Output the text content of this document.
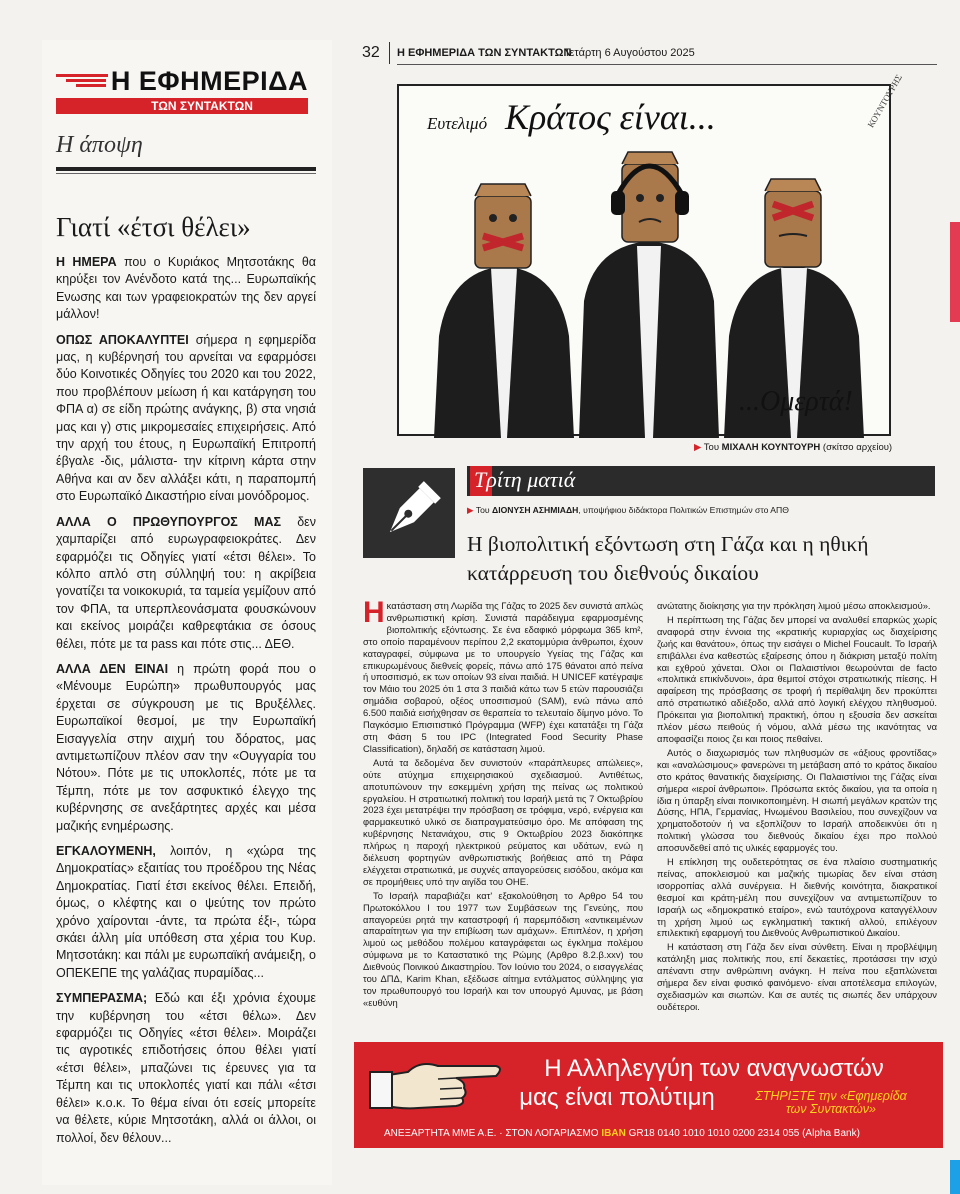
Η ΕΦΗΜΕΡΙΔΑ
ΤΩΝ ΣΥΝΤΑΚΤΩΝ
Η άποψη
Γιατί «έτσι θέλει»

Η ΗΜΕΡΑ που ο Κυριάκος Μητσοτάκης θα κηρύξει τον Ανένδοτο κατά της... Ευρωπαϊκής Ενωσης και των γραφειοκρατών της δεν αργεί μάλλον!

ΟΠΩΣ ΑΠΟΚΑΛΥΠΤΕΙ σήμερα η εφημερίδα μας, η κυβέρνησή του αρνείται να εφαρμόσει δύο Κοινοτικές Οδηγίες του 2020 και του 2022, που προβλέπουν μείωση ή και κατάργηση του ΦΠΑ α) σε είδη πρώτης ανάγκης, β) στα νησιά μας και γ) στις μικρομεσαίες επιχειρήσεις. Από την αρχή του έτους, η Ευρωπαϊκή Επιτροπή έβγαλε -δις, μάλιστα- την κίτρινη κάρτα στην Αθήνα και αν δεν αλλάξει κάτι, η παραπομπή στο Ευρωπαϊκό Δικαστήριο είναι μονόδρομος.

ΑΛΛΑ Ο ΠΡΩΘΥΠΟΥΡΓΟΣ ΜΑΣ δεν χαμπαρίζει από ευρωγραφειοκράτες. Δεν εφαρμόζει τις Οδηγίες γιατί «έτσι θέλει». Το κόλπο απλό στη σύλληψή του: η ακρίβεια γονατίζει τα νοικοκυριά, τα ταμεία γεμίζουν από τον ΦΠΑ, τα υπερπλεονάσματα φουσκώνουν και εκείνος μοιράζει καθρεφτάκια σε όσους θέλει, πότε με τα pass και πότε στις... ΔΕΘ.

ΑΛΛΑ ΔΕΝ ΕΙΝΑΙ η πρώτη φορά που ο «Μένουμε Ευρώπη» πρωθυπουργός μας έρχεται σε σύγκρουση με τις Βρυξέλλες. Ευρωπαϊκοί θεσμοί, με την Ευρωπαϊκή Εισαγγελία στην αιχμή του δόρατος, μας αντιμετωπίζουν πλέον σαν την «Ουγγαρία του Νότου». Πότε με τις υποκλοπές, πότε με τα Τέμπη, πότε με τον ασφυκτικό έλεγχο της κυβέρνησης σε ανεξάρτητες αρχές και μέσα μαζικής ενημέρωσης.

ΕΓΚΑΛΟΥΜΕΝΗ, λοιπόν, η «χώρα της Δημοκρατίας» εξαιτίας του προέδρου της Νέας Δημοκρατίας. Γιατί έτσι εκείνος θέλει. Επειδή, όμως, ο κλέφτης και ο ψεύτης τον πρώτο χρόνο χαίρονται -άντε, τα πρώτα έξι-, τώρα σκάει άλλη μία υπόθεση στα χέρια του Κυρ. Μητσοτάκη: και πάλι με ευρωπαϊκή ανάμειξη, ο ΟΠΕΚΕΠΕ της γαλάζιας πυραμίδας...

ΣΥΜΠΕΡΑΣΜΑ; Εδώ και έξι χρόνια έχουμε την κυβέρνηση του «έτσι θέλω». Δεν εφαρμόζει τις Οδηγίες «έτσι θέλει». Μοιράζει τις αγροτικές επιδοτήσεις όπου θέλει γιατί «έτσι θέλει», μπαζώνει τις έρευνες για τα Τέμπη και τις υποκλοπές γιατί και πάλι «έτσι θέλει» κ.ο.κ. Το θέμα είναι ότι εσείς μπορείτε να θέλετε, κύριε Μητσοτάκη, αλλά οι άλλοι, οι πολλοί, δεν θέλουν...

32 Η ΕΦΗΜΕΡΙΔΑ ΤΩΝ ΣΥΝΤΑΚΤΩΝ
Τετάρτη 6 Αυγούστου 2025
Ευτελιμό Κράτος είναι...	ΚΟΥΝΤΟΥΡΗΣ
...Ομερτά!
▶ Του ΜΙΧΑΛΗ ΚΟΥΝΤΟΥΡΗ (σκίτσο αρχείου)
Τρίτη ματιά
▶ Του ΔΙΟΝΥΣΗ ΑΣΗΜΙΑΔΗ, υποψήφιου διδάκτορα Πολιτικών Επιστημών στο ΑΠΘ
Η βιοπολιτική εξόντωση στη Γάζα και η ηθική κατάρρευση του διεθνούς δικαίου

Η κατάσταση στη Λωρίδα της Γάζας το 2025 δεν συνιστά απλώς ανθρωπιστική κρίση. Συνιστά παράδειγμα εφαρμοσμένης βιοπολιτικής εξόντωσης. Σε ένα εδαφικό μόρφωμα 365 km², στο οποίο παραμένουν περίπου 2,2 εκατομμύρια άνθρωποι, έχουν καταγραφεί, σύμφωνα με το υπουργείο Υγείας της Γάζας και επικυρωμένους διεθνείς φορείς, πάνω από 175 θάνατοι από πείνα ή υποσιτισμό, εκ των οποίων 93 είναι παιδιά. Η UNICEF κατέγραψε τον Μάιο του 2025 ότι 1 στα 3 παιδιά κάτω των 5 ετών παρουσιάζει σημάδια σοβαρού, οξέος υποσιτισμού (SAM), ενώ πάνω από 6.500 παιδιά εισήχθησαν σε θεραπεία το τελευταίο δίμηνο μόνο. Το Παγκόσμιο Επισιτιστικό Πρόγραμμα (WFP) έχει κατατάξει τη Γάζα στη Φάση 5 του IPC (Integrated Food Security Phase Classification), δηλαδή σε κατάσταση λιμού.

Αυτά τα δεδομένα δεν συνιστούν «παράπλευρες απώλειες», ούτε ατύχημα επιχειρησιακού σχεδιασμού. Αντιθέτως, αποτυπώνουν την εσκεμμένη χρήση της πείνας ως πολιτικού εργαλείου. Η στρατιωτική πολιτική του Ισραήλ μετά τις 7 Οκτωβρίου 2023 έχει μετατρέψει την πρόσβαση σε τρόφιμα, νερό, ενέργεια και φαρμακευτικό υλικό σε διαπραγματεύσιμο όρο. Με απόφαση της κυβέρνησης Νετανιάχου, στις 9 Οκτωβρίου 2023 διακόπηκε πλήρως η παροχή ηλεκτρικού ρεύματος και υδάτων, ενώ η διέλευση φορτηγών ανθρωπιστικής βοήθειας από τη Ράφα ελέγχεται στρατιωτικά, με συχνές απαγορεύσεις εισόδου, ακόμα και σε προμήθειες υπό την αιγίδα του ΟΗΕ.

Το Ισραήλ παραβιάζει κατ' εξακολούθηση το Αρθρο 54 του Πρωτοκόλλου Ι του 1977 των Συμβάσεων της Γενεύης, που απαγορεύει ρητά την καταστροφή ή παρεμπόδιση «αντικειμένων απαραίτητων για την επιβίωση των αμάχων». Επιπλέον, η χρήση λιμού ως μεθόδου πολέμου καταγράφεται ως έγκλημα πολέμου σύμφωνα με το Καταστατικό της Ρώμης (Αρθρο 8.2.β.xxv) του Διεθνούς Ποινικού Δικαστηρίου. Τον Ιούνιο του 2024, ο εισαγγελέας του ΔΠΔ, Karim Khan, εξέδωσε αίτημα εντάλματος σύλληψης για τον πρωθυπουργό του Ισραήλ και τον υπουργό Αμυνας, με βάση «ευθύνη

ανώτατης διοίκησης για την πρόκληση λιμού μέσω αποκλεισμού».

Η περίπτωση της Γάζας δεν μπορεί να αναλυθεί επαρκώς χωρίς αναφορά στην έννοια της «κρατικής κυριαρχίας ως διαχείρισης ζωής και θανάτου», όπως την εισάγει ο Michel Foucault. Το Ισραήλ επιβάλλει ένα καθεστώς εξαίρεσης όπου η διάκριση μεταξύ πολίτη και εχθρού χάνεται. Ολοι οι Παλαιστίνιοι θεωρούνται de facto «πολιτικά επικίνδυνοι», άρα θεμιτοί στόχοι στρατιωτικής πίεσης. Η αφαίρεση της πρόσβασης σε τροφή ή περίθαλψη δεν προκύπτει από στρατιωτικό αδιέξοδο, αλλά από λογική ελέγχου πληθυσμού. Πρόκειται για βιοπολιτική πρακτική, όπου η εξουσία δεν ασκείται πλέον μέσω πειθούς ή νόμου, αλλά μέσω της ικανότητας να αποφασίζει ποιος ζει και ποιος πεθαίνει.

Αυτός ο διαχωρισμός των πληθυσμών σε «άξιους φροντίδας» και «αναλώσιμους» φανερώνει τη μετάβαση από το κράτος δικαίου στο κράτος θανατικής διαχείρισης. Οι Παλαιστίνιοι της Γάζας είναι σήμερα «ιεροί άνθρωποι». Πρόσωπα εκτός δικαίου, για τα οποία η ίδια η ύπαρξη είναι ποινικοποιημένη. Η σιωπή μεγάλων κρατών της Δύσης, ΗΠΑ, Γερμανίας, Ηνωμένου Βασιλείου, που συνεχίζουν να χρηματοδοτούν ή να εξοπλίζουν το Ισραήλ αποδεικνύει ότι η πολιτική γλώσσα του διεθνούς δικαίου έχει προ πολλού αποσυνδεθεί από τις υλικές εφαρμογές του.

Η επίκληση της ουδετερότητας σε ένα πλαίσιο συστηματικής πείνας, αποκλεισμού και μαζικής τιμωρίας δεν είναι στάση ισορροπίας αλλά συνέργεια. Η διεθνής κοινότητα, διακρατικοί θεσμοί και κράτη-μέλη που συνεχίζουν να αντιμετωπίζουν το Ισραήλ ως «δημοκρατικό εταίρο», ενώ ταυτόχρονα καταγγέλλουν τη χρήση λιμού ως εγκληματική τακτική αλλού, επιλέγουν επιλεκτική εφαρμογή του Διεθνούς Ανθρωπιστικού Δικαίου.

Η κατάσταση στη Γάζα δεν είναι σύνθετη. Είναι η προβλέψιμη κατάληξη μιας πολιτικής που, επί δεκαετίες, προτάσσει την ισχύ απέναντι στην ανθρώπινη ανάγκη. Η πείνα που εξαπλώνεται σήμερα δεν είναι φυσικό φαινόμενο· είναι αποτέλεσμα επιλογών, σχεδιασμών και σιωπών. Και σε αυτές τις σιωπές δεν υπάρχουν ουδέτεροι.

Η Αλληλεγγύη των αναγνωστών
μας είναι πολύτιμη	ΣΤΗΡΙΞΤΕ την «Εφημερίδα
των Συντακτών»
ΑΝΕΞΑΡΤΗΤΑ ΜΜΕ Α.Ε. · ΣΤΟΝ ΛΟΓΑΡΙΑΣΜΟ IBAN GR18 0140 1010 1010 0200 2314 055 (Alpha Bank)
